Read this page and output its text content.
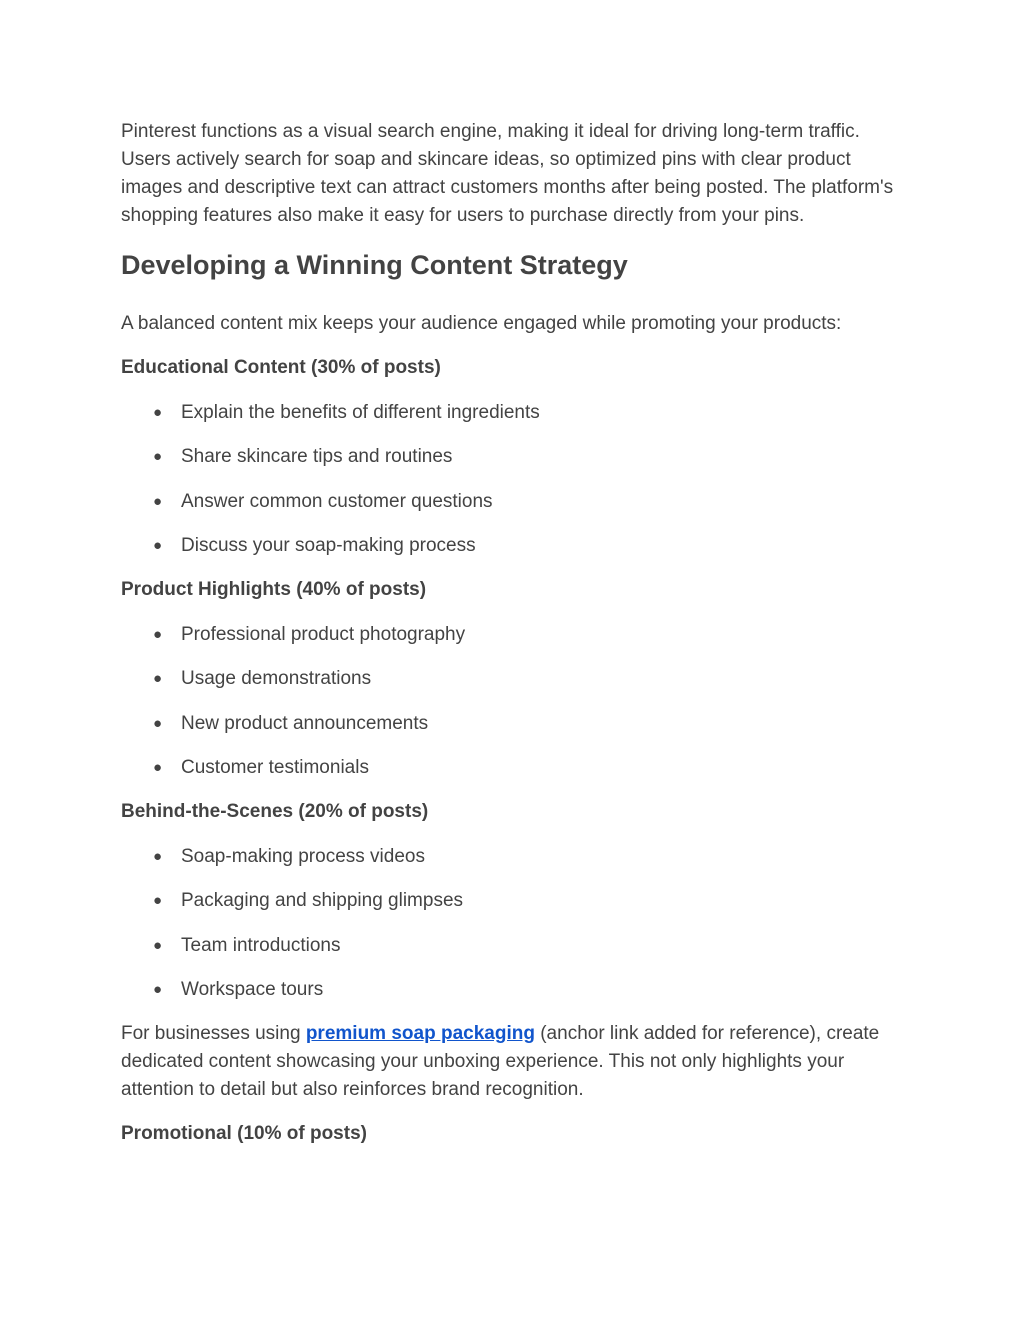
Pinterest functions as a visual search engine, making it ideal for driving long-term traffic. Users actively search for soap and skincare ideas, so optimized pins with clear product images and descriptive text can attract customers months after being posted. The platform's shopping features also make it easy for users to purchase directly from your pins.

Developing a Winning Content Strategy

A balanced content mix keeps your audience engaged while promoting your products:

Educational Content (30% of posts)
● Explain the benefits of different ingredients
● Share skincare tips and routines
● Answer common customer questions
● Discuss your soap-making process
Product Highlights (40% of posts)
● Professional product photography
● Usage demonstrations
● New product announcements
● Customer testimonials
Behind-the-Scenes (20% of posts)
● Soap-making process videos
● Packaging and shipping glimpses
● Team introductions
● Workspace tours

For businesses using premium soap packaging (anchor link added for reference), create dedicated content showcasing your unboxing experience. This not only highlights your attention to detail but also reinforces brand recognition.

Promotional (10% of posts)
